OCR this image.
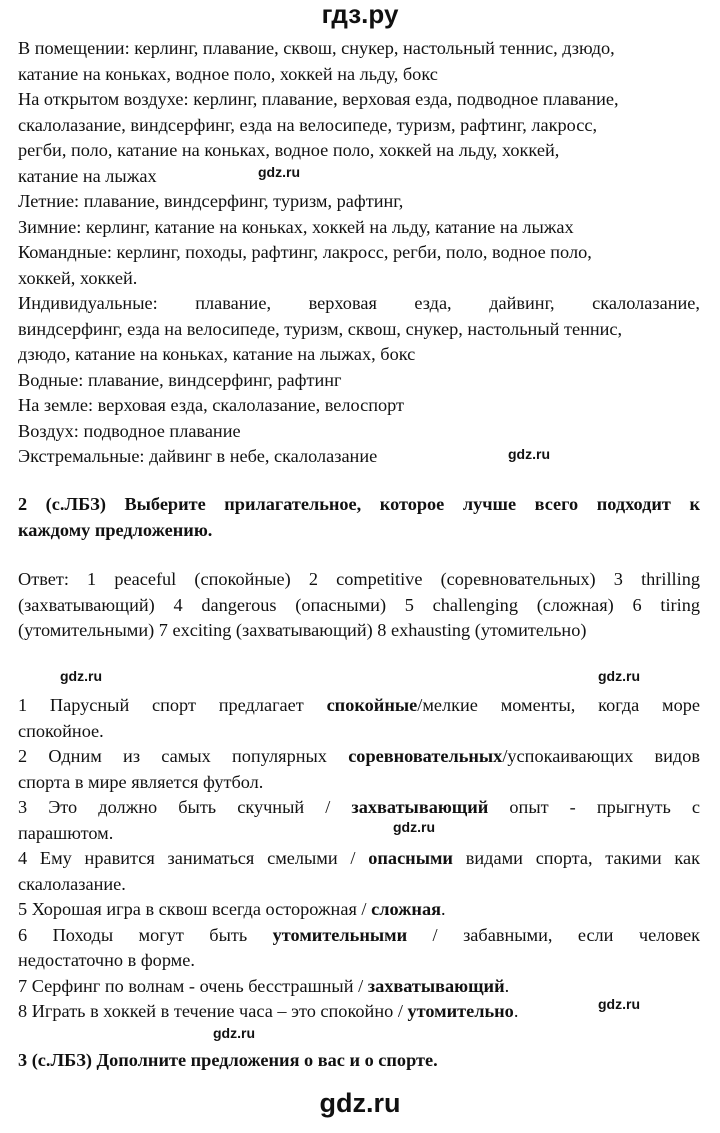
гдз.ру
В помещении: керлинг, плавание, сквош, снукер, настольный теннис, дзюдо,
катание на коньках, водное поло, хоккей на льду, бокс
На открытом воздухе: керлинг, плавание, верховая езда, подводное плавание,
скалолазание, виндсерфинг, езда на велосипеде, туризм, рафтинг, лакросс,
регби, поло, катание на коньках, водное поло, хоккей на льду, хоккей,
катание на лыжах
Летние: плавание, виндсерфинг, туризм, рафтинг,
Зимние: керлинг, катание на коньках, хоккей на льду, катание на лыжах
Командные: керлинг, походы, рафтинг, лакросс, регби, поло, водное поло,
хоккей, хоккей.
Индивидуальные: плавание, верховая езда, дайвинг, скалолазание,
виндсерфинг, езда на велосипеде, туризм, сквош, снукер, настольный теннис,
дзюдо, катание на коньках, катание на лыжах, бокс
Водные: плавание, виндсерфинг, рафтинг
На земле: верховая езда, скалолазание, велоспорт
Воздух: подводное плавание
Экстремальные: дайвинг в небе, скалолазание
2 (с.ЛБЗ) Выберите прилагательное, которое лучше всего подходит к
каждому предложению.
Ответ: 1 peaceful (спокойные) 2 competitive (соревновательных) 3 thrilling
(захватывающий) 4 dangerous (опасными) 5 challenging (сложная) 6 tiring
(утомительными) 7 exciting (захватывающий) 8 exhausting (утомительно)
1 Парусный спорт предлагает спокойные/мелкие моменты, когда море
спокойное.
2 Одним из самых популярных соревновательных/успокаивающих видов
спорта в мире является футбол.
3 Это должно быть скучный / захватывающий опыт - прыгнуть с
парашютом.
4 Ему нравится заниматься смелыми / опасными видами спорта, такими как
скалолазание.
5 Хорошая игра в сквош всегда осторожная / сложная.
6 Походы могут быть утомительными / забавными, если человек
недостаточно в форме.
7 Серфинг по волнам - очень бесстрашный / захватывающий.
8 Играть в хоккей в течение часа – это спокойно / утомительно.
3 (с.ЛБЗ) Дополните предложения о вас и о спорте.
gdz.ru
gdz.ru
gdz.ru	gdz.ru
gdz.ru
gdz.ru
gdz.ru
gdz.ru
